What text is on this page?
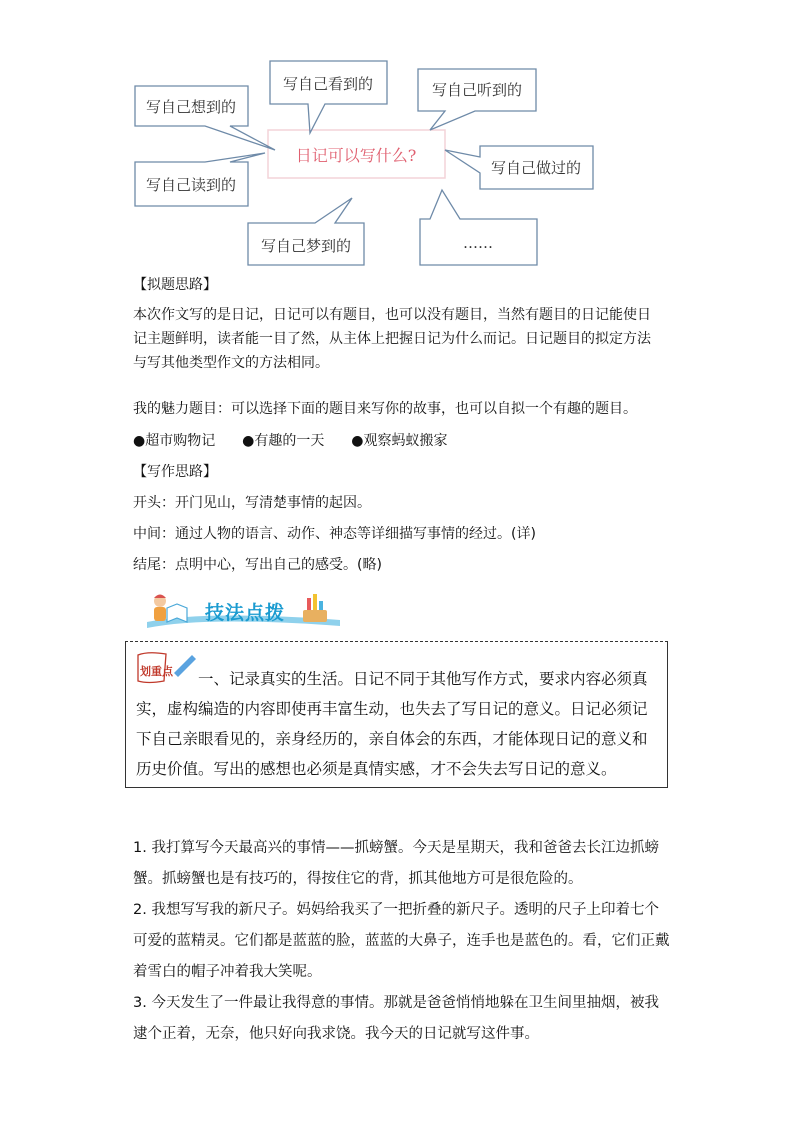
日记可以写什么?
写自己想到的
写自己看到的	写自己听到的
写自己读到的
写自己做过的
写自己梦到的	……
【拟题思路】
本次作文写的是日记，日记可以有题目，也可以没有题目，当然有题目的日记能使日记主题鲜明，读者能一目了然，从主体上把握日记为什么而记。日记题目的拟定方法与写其他类型作文的方法相同。
我的魅力题目：可以选择下面的题目来写你的故事，也可以自拟一个有趣的题目。
●超市购物记 ●有趣的一天 ●观察蚂蚁搬家
【写作思路】
开头：开门见山，写清楚事情的起因。
中间：通过人物的语言、动作、神态等详细描写事情的经过。(详)
结尾：点明中心，写出自己的感受。(略)
技法点拨
划重点	一、记录真实的生活。日记不同于其他写作方式，要求内容必须真实，虚构编造的内容即使再丰富生动，也失去了写日记的意义。日记必须记下自己亲眼看见的，亲身经历的，亲自体会的东西，才能体现日记的意义和历史价值。写出的感想也必须是真情实感，才不会失去写日记的意义。
1. 我打算写今天最高兴的事情——抓螃蟹。今天是星期天，我和爸爸去长江边抓螃蟹。抓螃蟹也是有技巧的，得按住它的背，抓其他地方可是很危险的。
2. 我想写写我的新尺子。妈妈给我买了一把折叠的新尺子。透明的尺子上印着七个可爱的蓝精灵。它们都是蓝蓝的脸，蓝蓝的大鼻子，连手也是蓝色的。看，它们正戴着雪白的帽子冲着我大笑呢。
3. 今天发生了一件最让我得意的事情。那就是爸爸悄悄地躲在卫生间里抽烟，被我逮个正着，无奈，他只好向我求饶。我今天的日记就写这件事。
